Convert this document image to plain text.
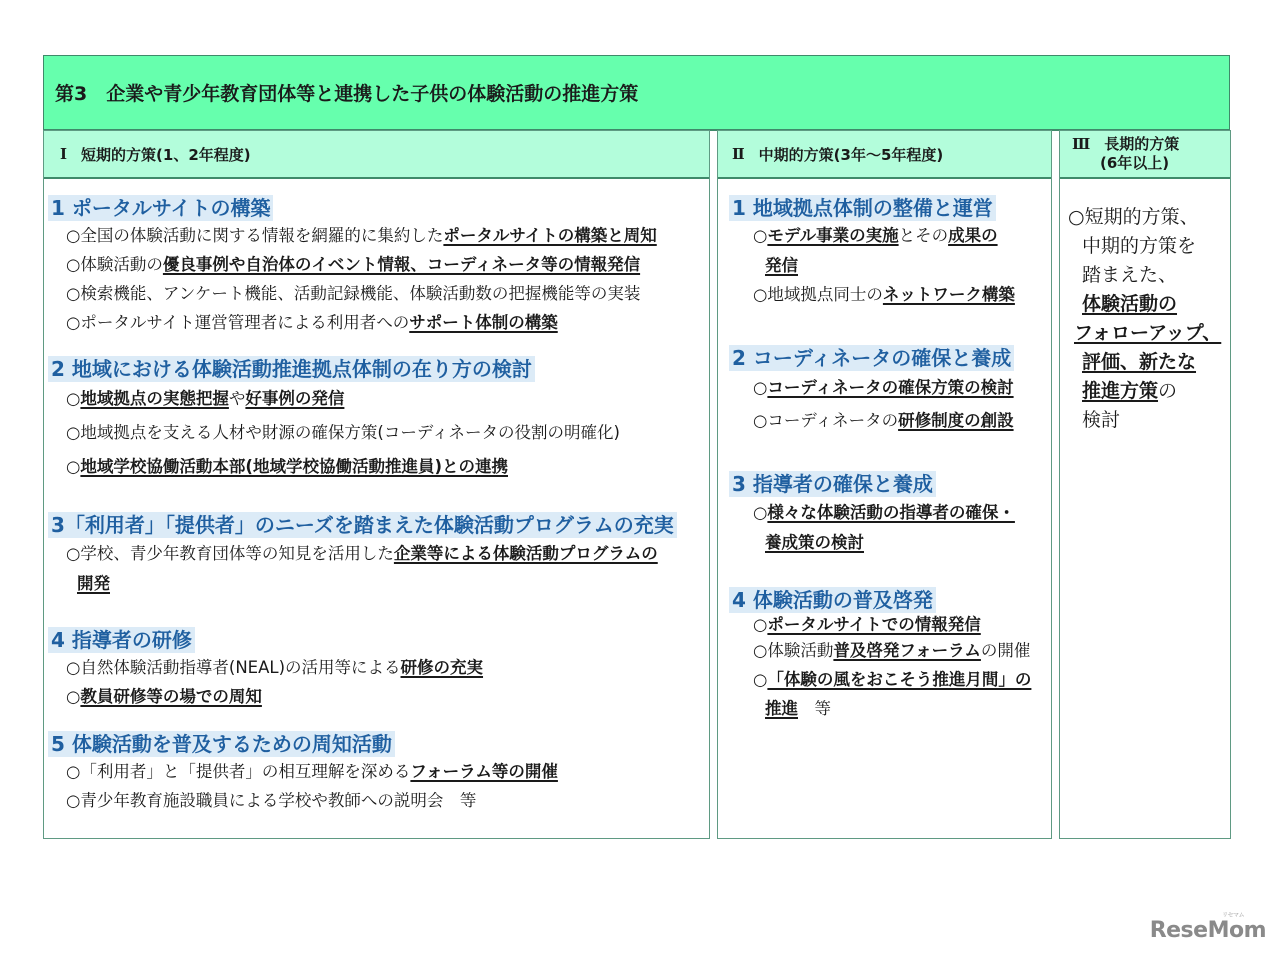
第3　企業や青少年教育団体等と連携した子供の体験活動の推進方策
Ⅰ 短期的方策(1、2年程度)
1 ポータルサイトの構築
○全国の体験活動に関する情報を網羅的に集約したポータルサイトの構築と周知
○体験活動の優良事例や自治体のイベント情報、コーディネータ等の情報発信
○検索機能、アンケート機能、活動記録機能、体験活動数の把握機能等の実装
○ポータルサイト運営管理者による利用者へのサポート体制の構築
2 地域における体験活動推進拠点体制の在り方の検討
○地域拠点の実態把握や好事例の発信
○地域拠点を支える人材や財源の確保方策(コーディネータの役割の明確化)
○地域学校協働活動本部(地域学校協働活動推進員)との連携
3「利用者」「提供者」のニーズを踏まえた体験活動プログラムの充実
○学校、青少年教育団体等の知見を活用した企業等による体験活動プログラムの
開発
4 指導者の研修
○自然体験活動指導者(NEAL)の活用等による研修の充実
○教員研修等の場での周知
5 体験活動を普及するための周知活動
○「利用者」と「提供者」の相互理解を深めるフォーラム等の開催
○青少年教育施設職員による学校や教師への説明会　等
Ⅱ 中期的方策(3年～5年程度)
1 地域拠点体制の整備と運営
○モデル事業の実施とその成果の
発信
○地域拠点同士のネットワーク構築
2 コーディネータの確保と養成
○コーディネータの確保方策の検討
○コーディネータの研修制度の創設
3 指導者の確保と養成
○様々な体験活動の指導者の確保・
養成策の検討
4 体験活動の普及啓発
○ポータルサイトでの情報発信
○体験活動普及啓発フォーラムの開催
○「体験の風をおこそう推進月間」の
推進　等
Ⅲ 長期的方策
(6年以上)
○短期的方策、
中期的方策を
踏まえた、
体験活動の
フォローアップ、
評価、新たな
推進方策の
検討
ReseMom
リセマム
